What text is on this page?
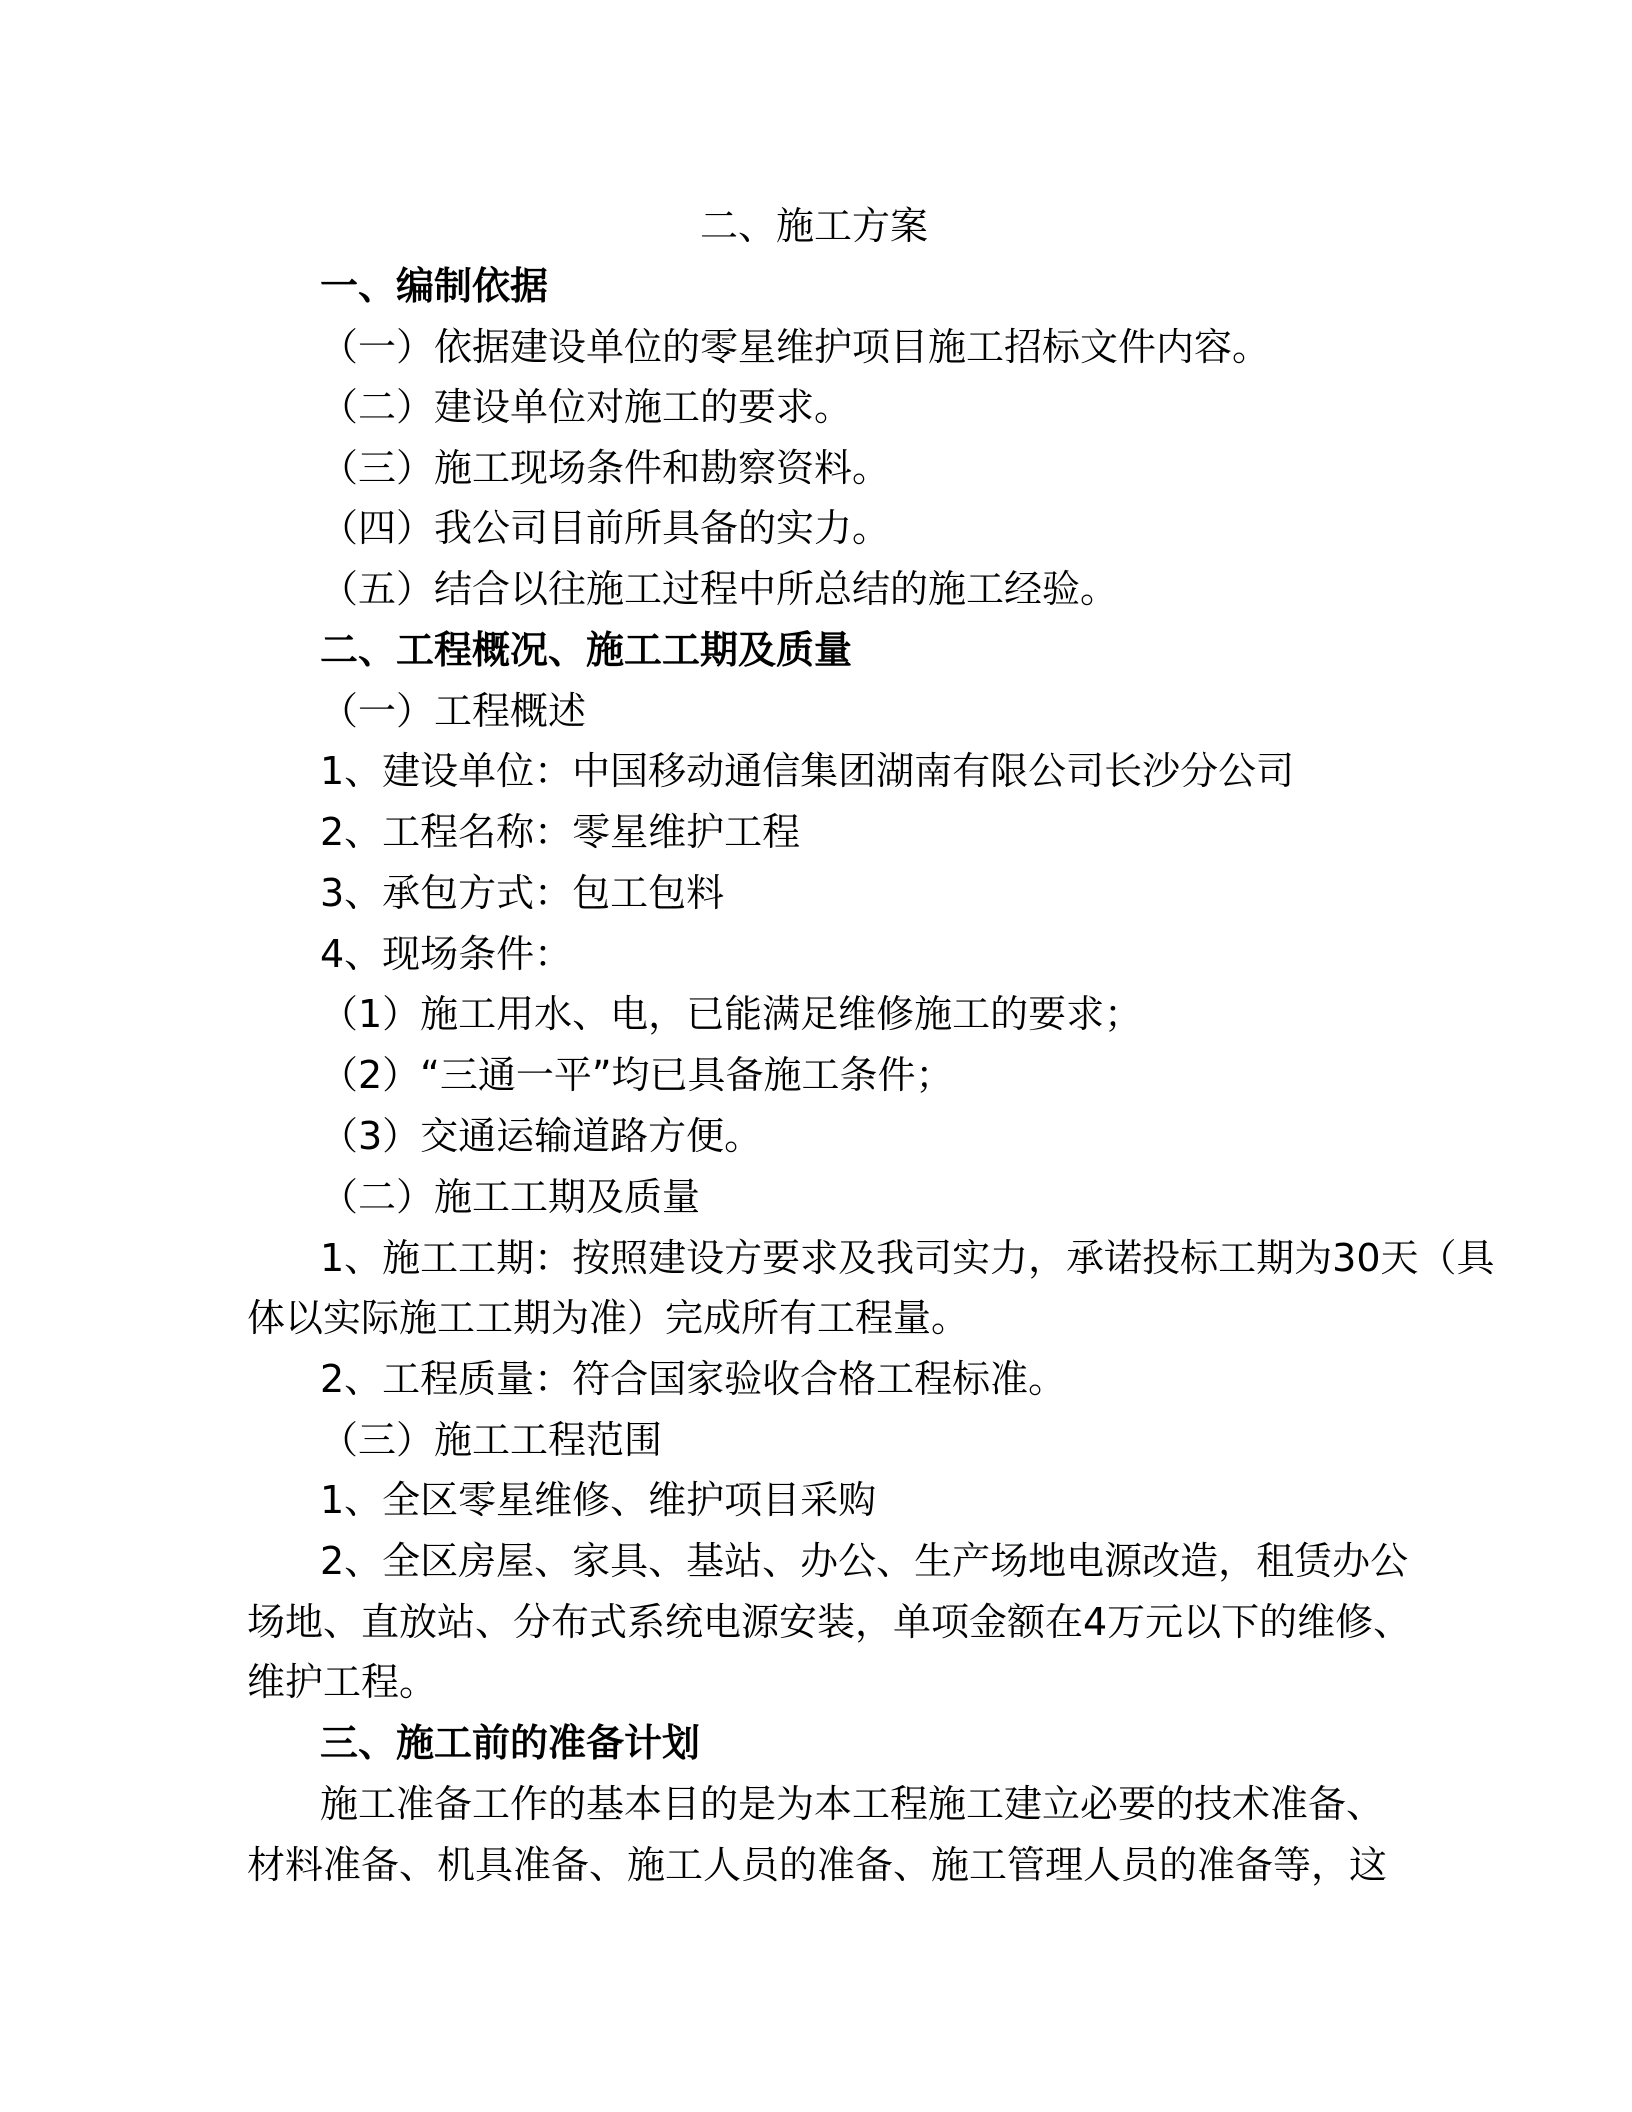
二、施工方案
一、编制依据
（一）依据建设单位的零星维护项目施工招标文件内容。
（二）建设单位对施工的要求。
（三）施工现场条件和勘察资料。
（四）我公司目前所具备的实力。
（五）结合以往施工过程中所总结的施工经验。
二、工程概况、施工工期及质量
（一）工程概述
1、建设单位：中国移动通信集团湖南有限公司长沙分公司
2、工程名称：零星维护工程
3、承包方式：包工包料
4、现场条件：
（1）施工用水、电，已能满足维修施工的要求；
（2）“三通一平”均已具备施工条件；
（3）交通运输道路方便。
（二）施工工期及质量
1、施工工期：按照建设方要求及我司实力，承诺投标工期为30天（具
体以实际施工工期为准）完成所有工程量。
2、工程质量：符合国家验收合格工程标准。
（三）施工工程范围
1、全区零星维修、维护项目采购
2、全区房屋、家具、基站、办公、生产场地电源改造，租赁办公
场地、直放站、分布式系统电源安装，单项金额在4万元以下的维修、
维护工程。
三、施工前的准备计划
施工准备工作的基本目的是为本工程施工建立必要的技术准备、
材料准备、机具准备、施工人员的准备、施工管理人员的准备等，这
